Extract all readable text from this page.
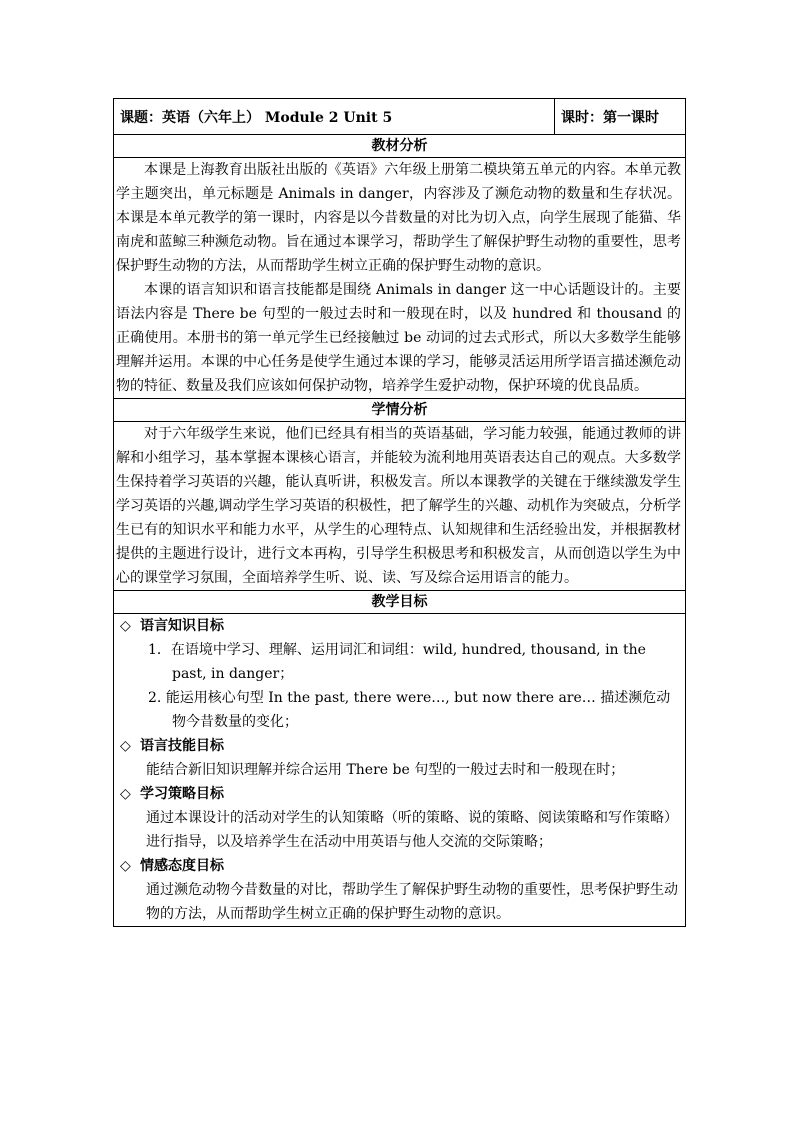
课题：英语（六年上） Module 2 Unit 5	课时：第一课时
教材分析

本课是上海教育出版社出版的《英语》六年级上册第二模块第五单元的内容。本单元教学主题突出，单元标题是 Animals in danger，内容涉及了濒危动物的数量和生存状况。本课是本单元教学的第一课时，内容是以今昔数量的对比为切入点，向学生展现了能猫、华南虎和蓝鲸三种濒危动物。旨在通过本课学习，帮助学生了解保护野生动物的重要性，思考保护野生动物的方法，从而帮助学生树立正确的保护野生动物的意识。

本课的语言知识和语言技能都是围绕 Animals in danger 这一中心话题设计的。主要语法内容是 There be 句型的一般过去时和一般现在时，以及 hundred 和 thousand 的正确使用。本册书的第一单元学生已经接触过 be 动词的过去式形式，所以大多数学生能够理解并运用。本课的中心任务是使学生通过本课的学习，能够灵活运用所学语言描述濒危动物的特征、数量及我们应该如何保护动物，培养学生爱护动物，保护环境的优良品质。

学情分析

对于六年级学生来说，他们已经具有相当的英语基础，学习能力较强，能通过教师的讲解和小组学习，基本掌握本课核心语言，并能较为流利地用英语表达自己的观点。大多数学生保持着学习英语的兴趣，能认真听讲，积极发言。所以本课教学的关键在于继续激发学生学习英语的兴趣,调动学生学习英语的积极性，把了解学生的兴趣、动机作为突破点，分析学生已有的知识水平和能力水平，从学生的心理特点、认知规律和生活经验出发，并根据教材提供的主题进行设计，进行文本再构，引导学生积极思考和积极发言，从而创造以学生为中心的课堂学习氛围，全面培养学生听、说、读、写及综合运用语言的能力。

教学目标

◇ 语言知识目标
1．在语境中学习、理解、运用词汇和词组：wild, hundred, thousand, in the
past, in danger；
2. 能运用核心句型 In the past, there were…, but now there are… 描述濒危动
物今昔数量的变化；
◇ 语言技能目标
能结合新旧知识理解并综合运用 There be 句型的一般过去时和一般现在时；
◇ 学习策略目标
通过本课设计的活动对学生的认知策略（听的策略、说的策略、阅读策略和写作策略）进行指导，以及培养学生在活动中用英语与他人交流的交际策略；
◇ 情感态度目标
通过濒危动物今昔数量的对比，帮助学生了解保护野生动物的重要性，思考保护野生动物的方法，从而帮助学生树立正确的保护野生动物的意识。
